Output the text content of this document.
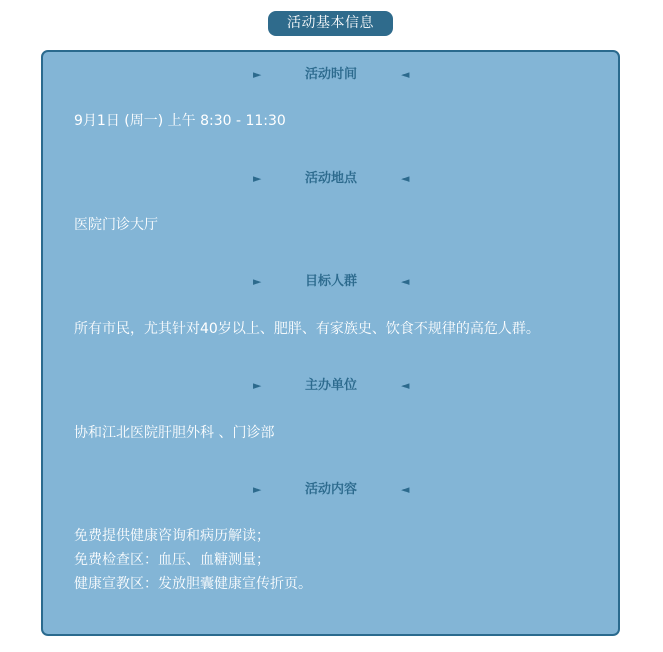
活动基本信息
►	活动时间	◄
9月1日 (周一) 上午 8:30 - 11:30
►	活动地点	◄
医院门诊大厅
►	目标人群	◄
所有市民，尤其针对40岁以上、肥胖、有家族史、饮食不规律的高危人群。
►	主办单位	◄
协和江北医院肝胆外科 、门诊部
►	活动内容	◄
免费提供健康咨询和病历解读；
免费检查区：血压、血糖测量；
健康宣教区：发放胆囊健康宣传折页。
